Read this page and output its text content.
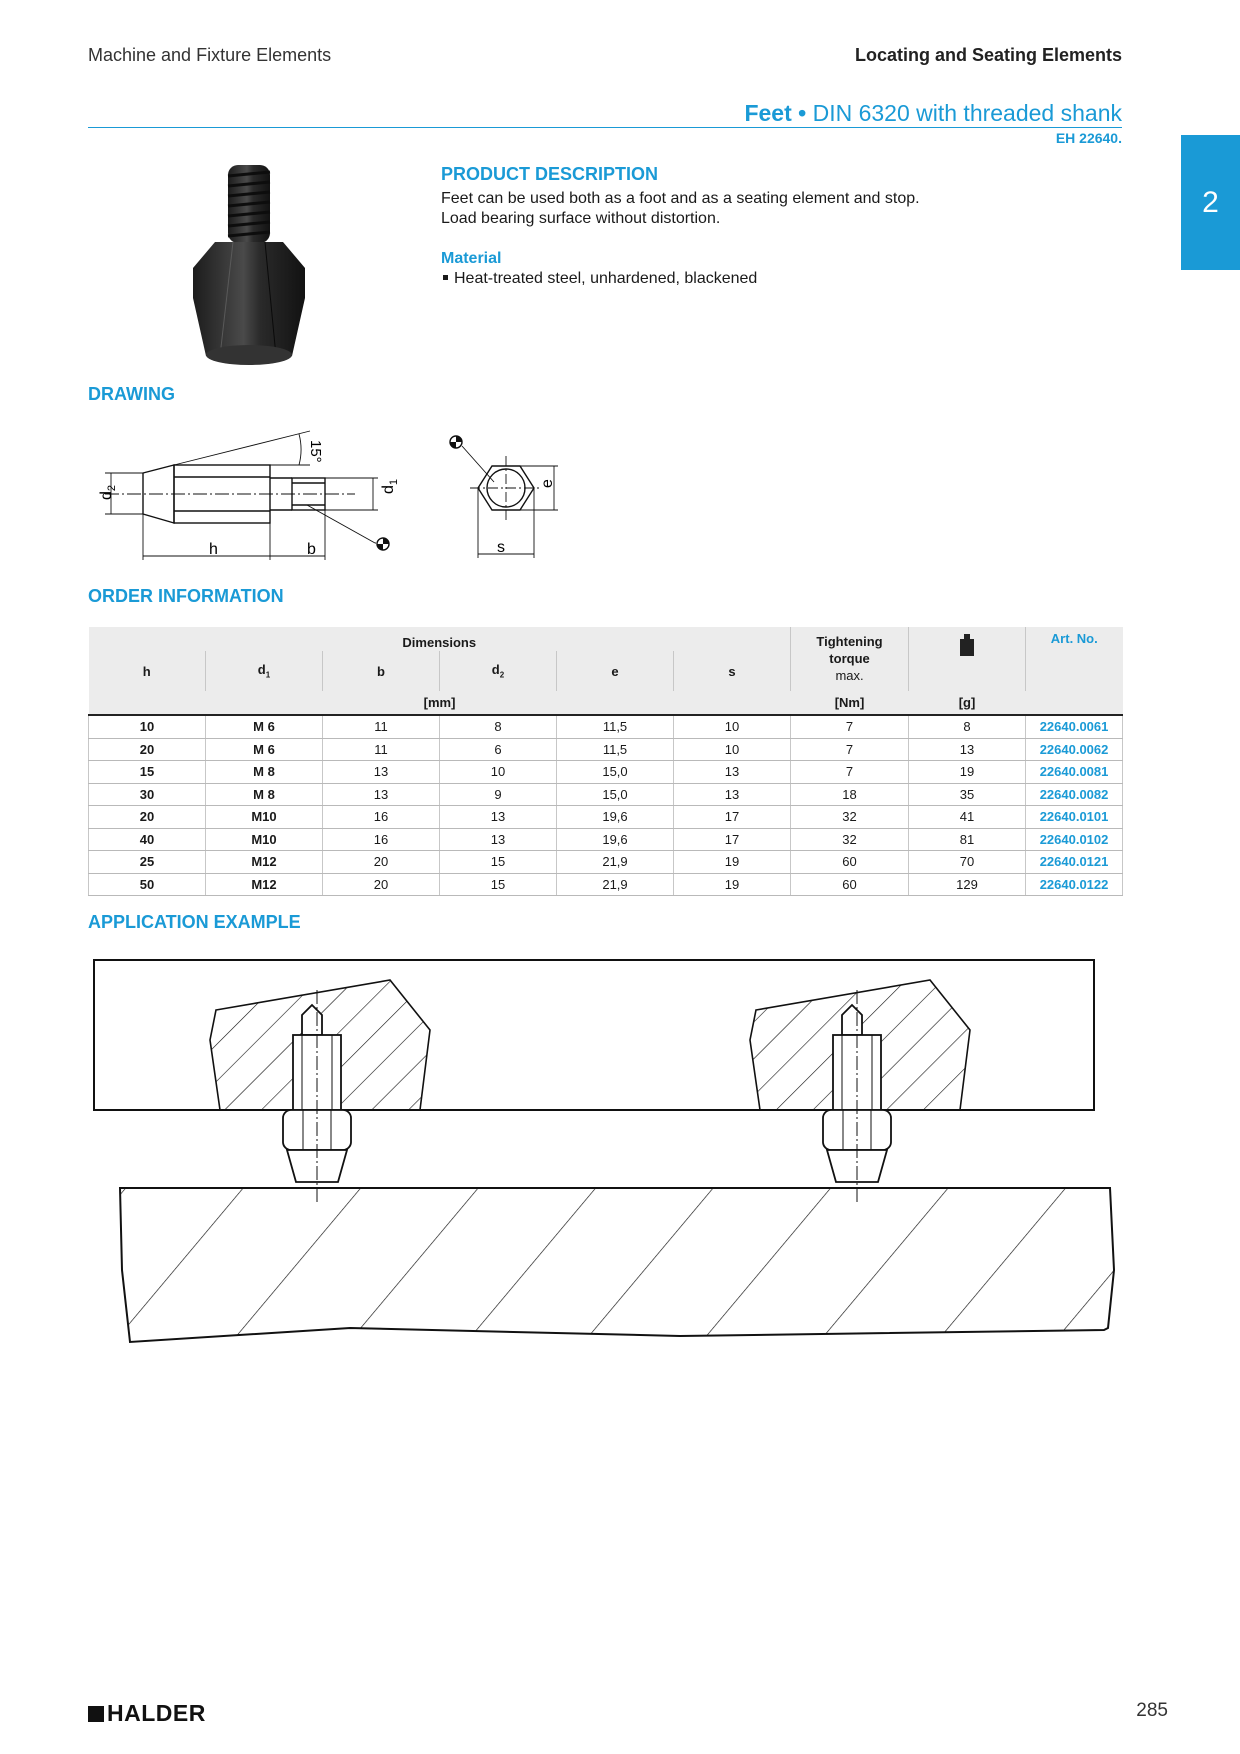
Machine and Fixture Elements	Locating and Seating Elements
Feet • DIN 6320 with threaded shank
EH 22640.
2
PRODUCT DESCRIPTION
Feet can be used both as a foot and as a seating element and stop.
Load bearing surface without distortion.
Material
Heat-treated steel, unhardened, blackened
DRAWING
$d_2$
15°
$d_1$
h	b
e
s
ORDER INFORMATION
Dimensions						Tightening
torque
max.		Art. No.
h	$d_1$	b	$d_2$	e	s			
[mm]						[Nm]	[g]	
10	M 6	11	8	11,5	10	7	8	22640.0061
20	M 6	11	6	11,5	10	7	13	22640.0062
15	M 8	13	10	15,0	13	7	19	22640.0081
30	M 8	13	9	15,0	13	18	35	22640.0082
20	M10	16	13	19,6	17	32	41	22640.0101
40	M10	16	13	19,6	17	32	81	22640.0102
25	M12	20	15	21,9	19	60	70	22640.0121
50	M12	20	15	21,9	19	60	129	22640.0122
APPLICATION EXAMPLE
HALDER	285
